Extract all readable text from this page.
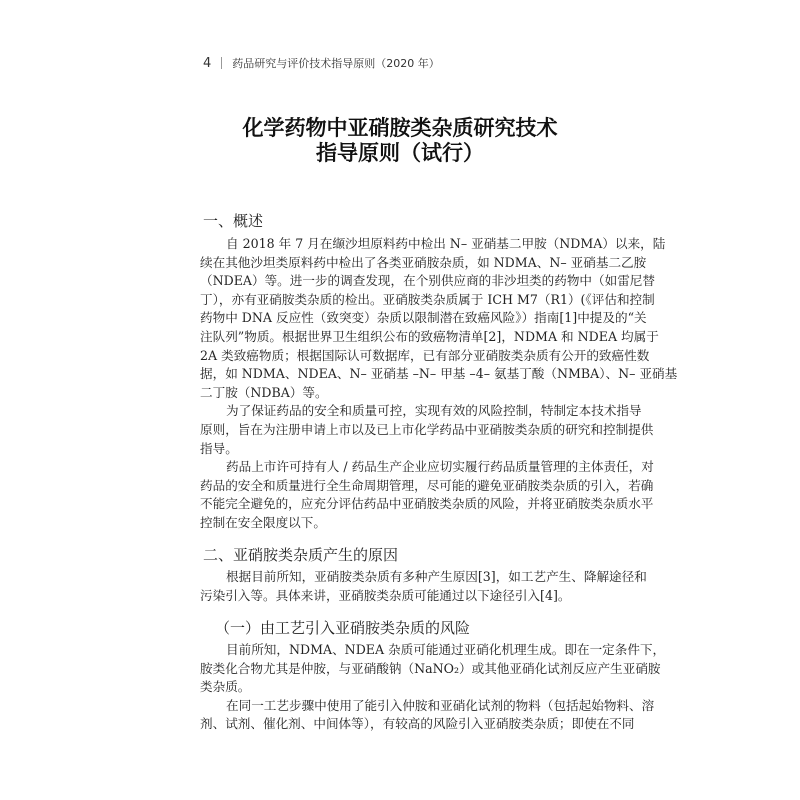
4 药品研究与评价技术指导原则（2020 年）
化学药物中亚硝胺类杂质研究技术
指导原则（试行）
一、概述
自 2018 年 7 月在缬沙坦原料药中检出 N– 亚硝基二甲胺（NDMA）以来，陆
续在其他沙坦类原料药中检出了各类亚硝胺杂质，如 NDMA、N– 亚硝基二乙胺
（NDEA）等。进一步的调查发现，在个别供应商的非沙坦类的药物中（如雷尼替
丁），亦有亚硝胺类杂质的检出。亚硝胺类杂质属于 ICH M7（R1）(《评估和控制
药物中 DNA 反应性（致突变）杂质以限制潜在致癌风险》）指南[1]中提及的“关
注队列”物质。根据世界卫生组织公布的致癌物清单[2]，NDMA 和 NDEA 均属于
2A 类致癌物质；根据国际认可数据库，已有部分亚硝胺类杂质有公开的致癌性数
据，如 NDMA、NDEA、N– 亚硝基 –N– 甲基 –4– 氨基丁酸（NMBA）、N– 亚硝基
二丁胺（NDBA）等。
为了保证药品的安全和质量可控，实现有效的风险控制，特制定本技术指导
原则，旨在为注册申请上市以及已上市化学药品中亚硝胺类杂质的研究和控制提供
指导。
药品上市许可持有人 / 药品生产企业应切实履行药品质量管理的主体责任，对
药品的安全和质量进行全生命周期管理，尽可能的避免亚硝胺类杂质的引入，若确
不能完全避免的，应充分评估药品中亚硝胺类杂质的风险，并将亚硝胺类杂质水平
控制在安全限度以下。
二、亚硝胺类杂质产生的原因
根据目前所知，亚硝胺类杂质有多种产生原因[3]，如工艺产生、降解途径和
污染引入等。具体来讲，亚硝胺类杂质可能通过以下途径引入[4]。
（一）由工艺引入亚硝胺类杂质的风险
目前所知，NDMA、NDEA 杂质可能通过亚硝化机理生成。即在一定条件下，
胺类化合物尤其是仲胺，与亚硝酸钠（NaNO₂）或其他亚硝化试剂反应产生亚硝胺
类杂质。
在同一工艺步骤中使用了能引入仲胺和亚硝化试剂的物料（包括起始物料、溶
剂、试剂、催化剂、中间体等），有较高的风险引入亚硝胺类杂质；即使在不同
